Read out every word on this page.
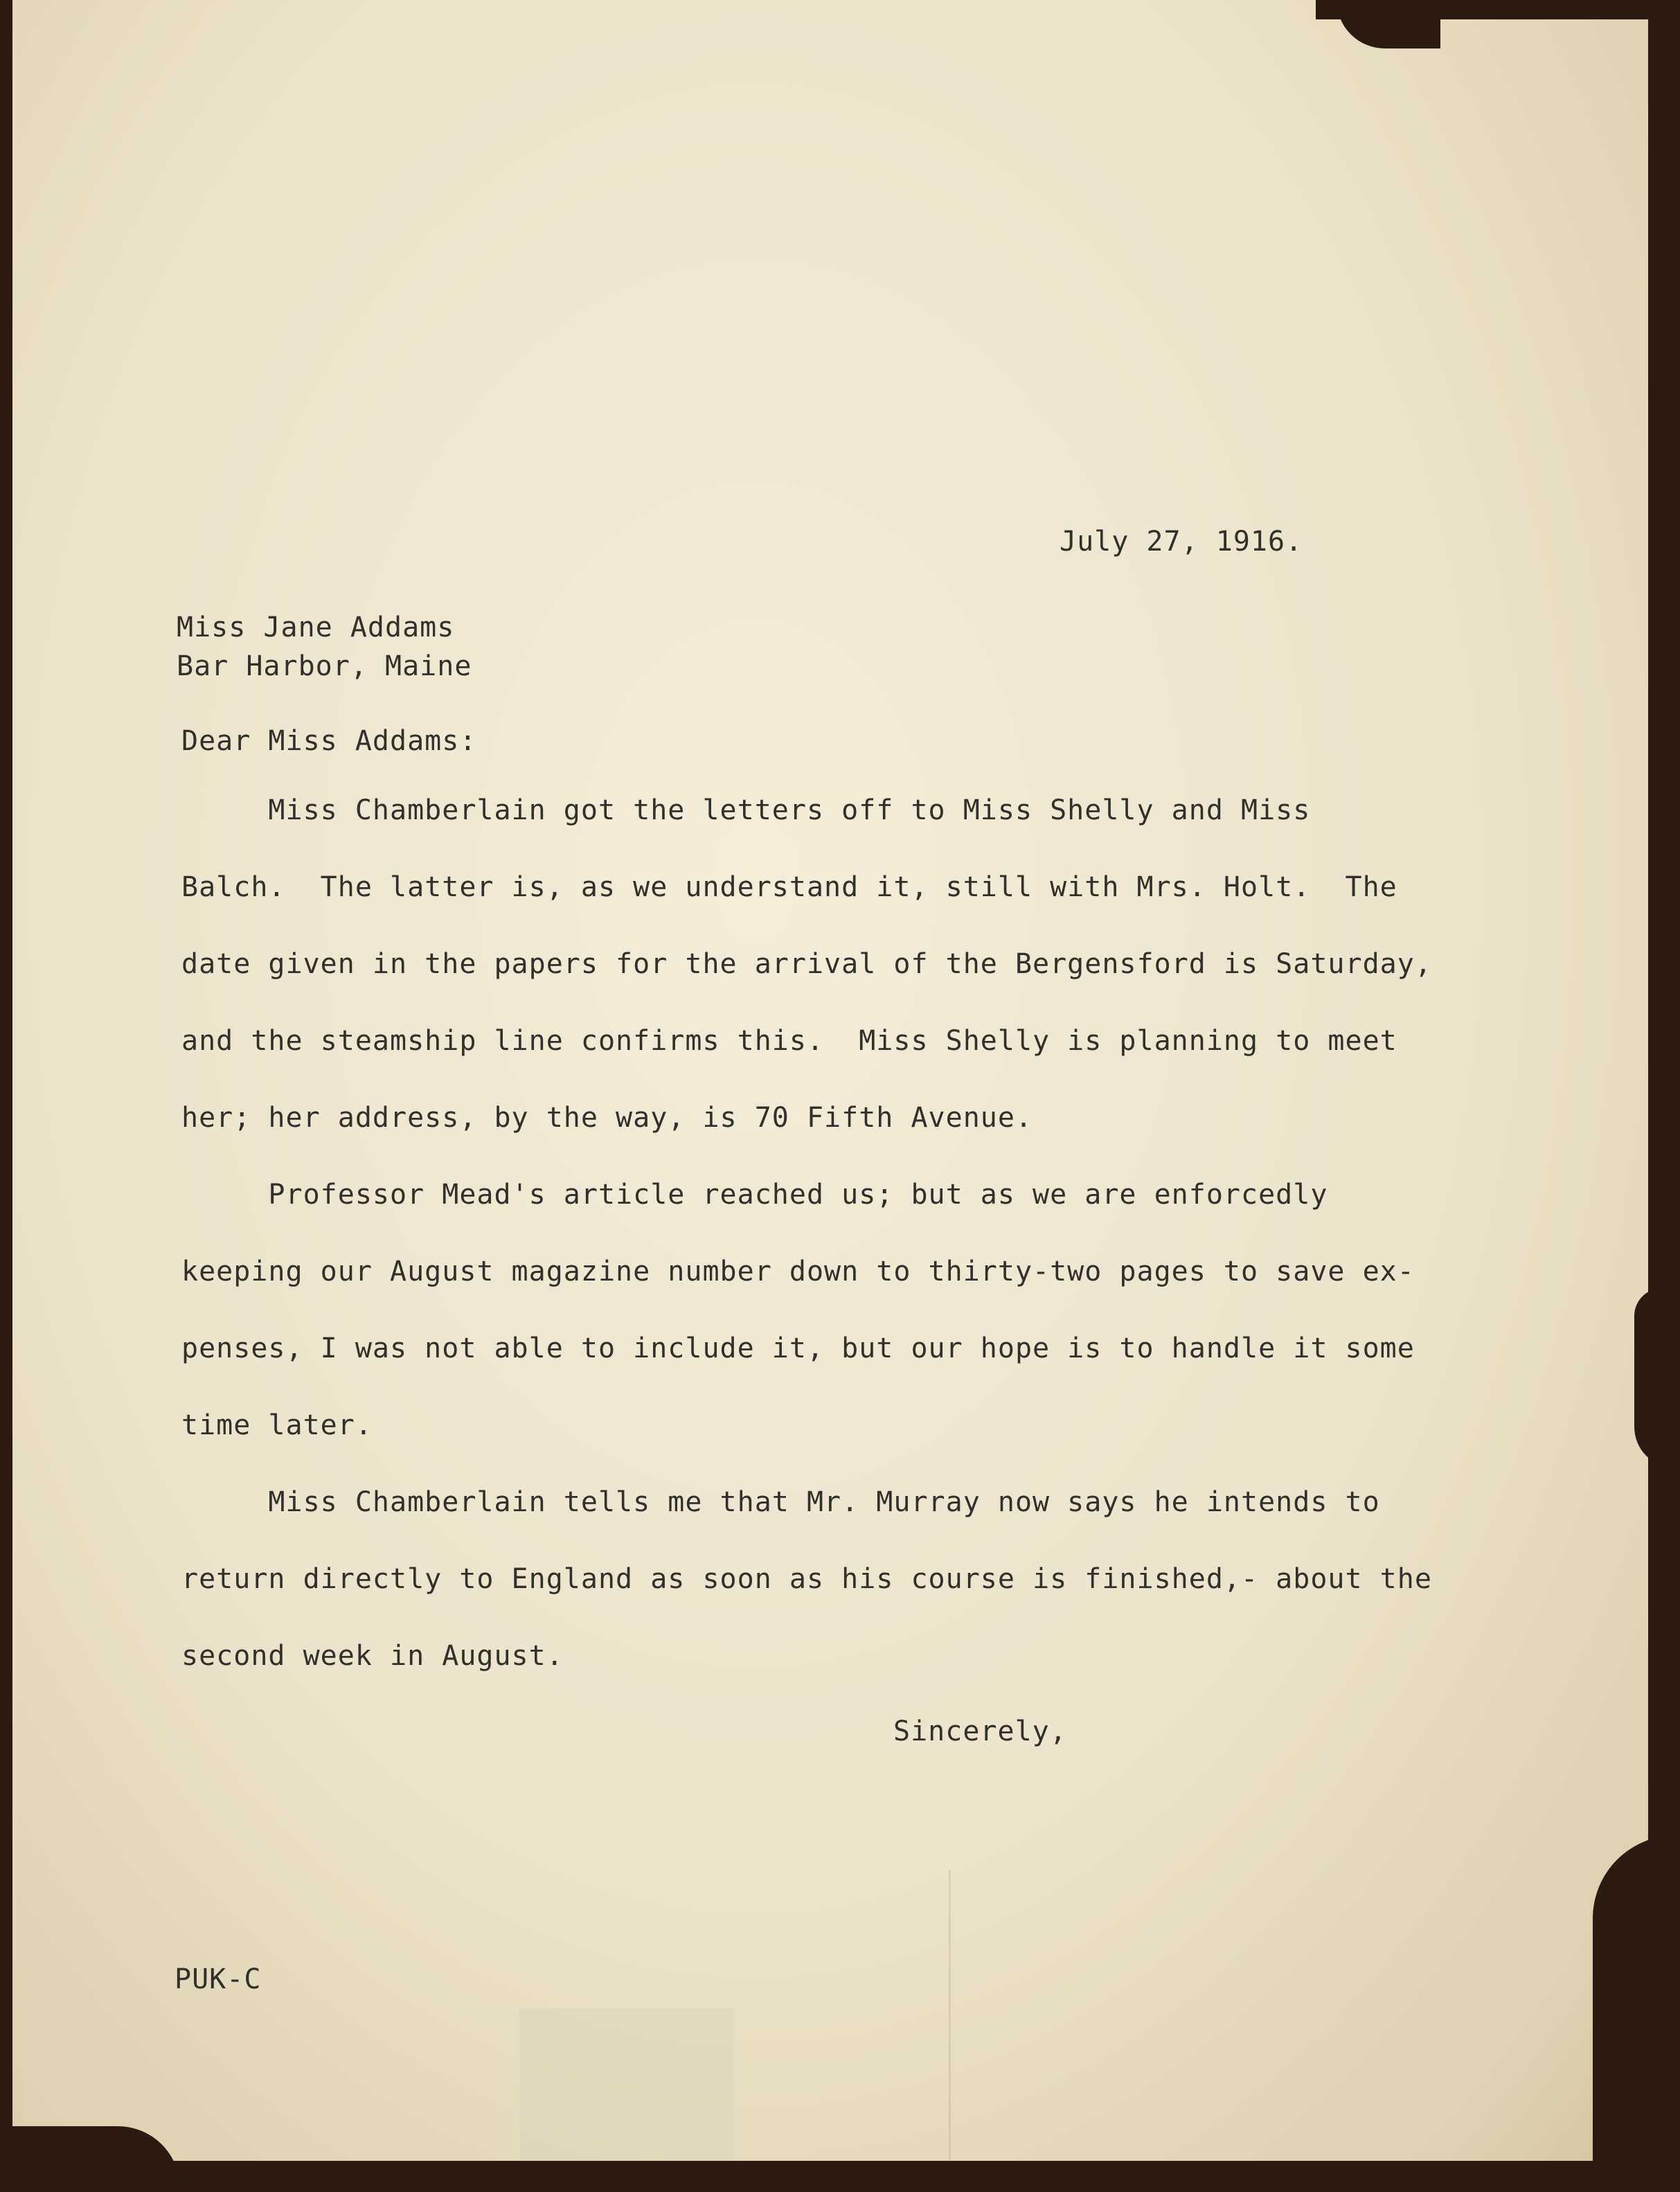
July 27, 1916.
Miss Jane Addams
Bar Harbor, Maine
Dear Miss Addams:
Miss Chamberlain got the letters off to Miss Shelly and Miss
Balch.  The latter is, as we understand it, still with Mrs. Holt.  The
date given in the papers for the arrival of the Bergensford is Saturday,
and the steamship line confirms this.  Miss Shelly is planning to meet
her; her address, by the way, is 70 Fifth Avenue.
Professor Mead's article reached us; but as we are enforcedly
keeping our August magazine number down to thirty-two pages to save ex-
penses, I was not able to include it, but our hope is to handle it some
time later.
Miss Chamberlain tells me that Mr. Murray now says he intends to
return directly to England as soon as his course is finished,- about the
second week in August.
Sincerely,
PUK-C
